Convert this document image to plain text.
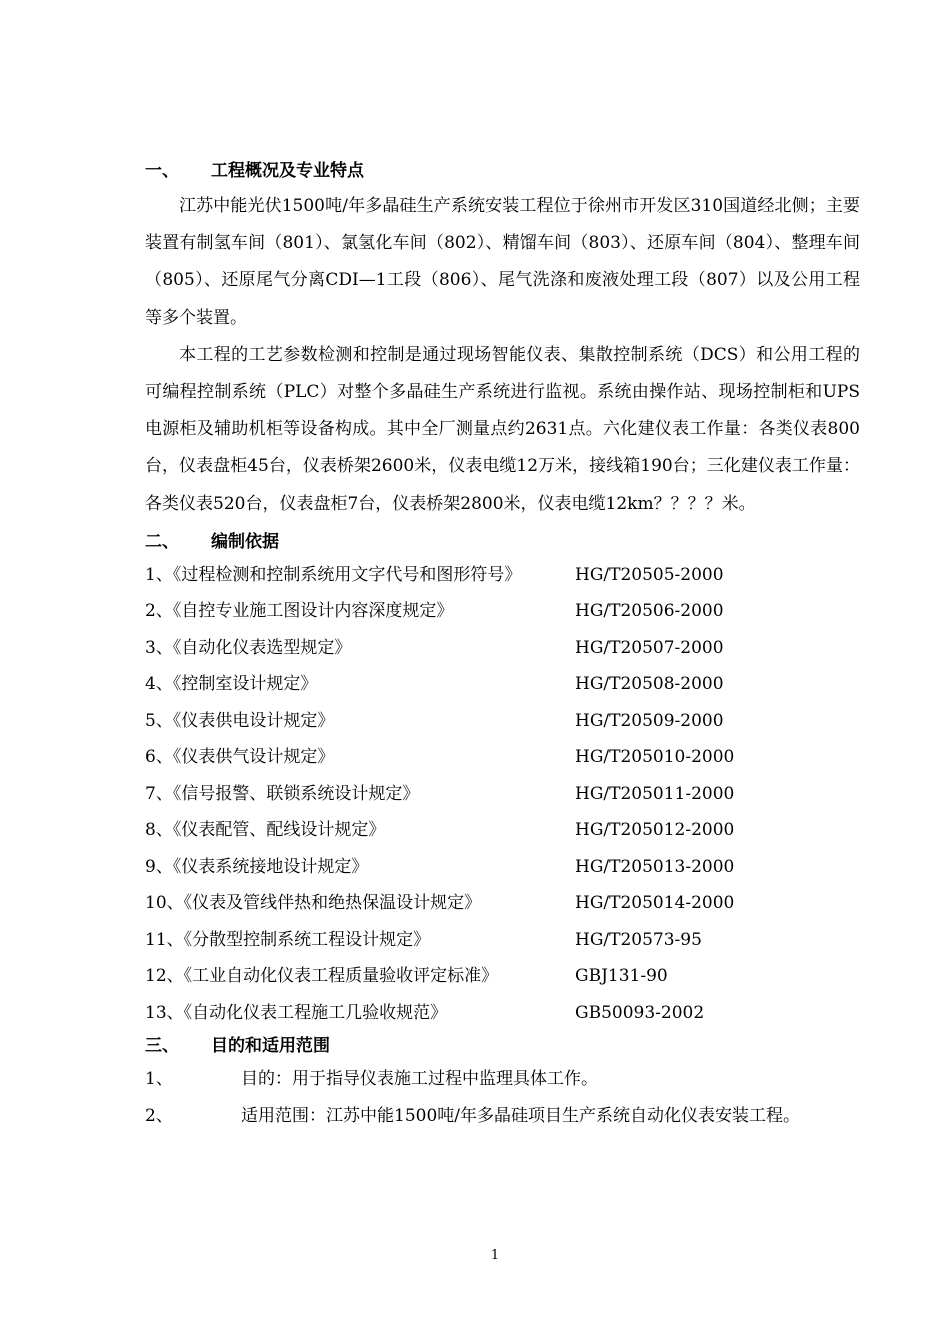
一、 工程概况及专业特点

江苏中能光伏1500吨/年多晶硅生产系统安装工程位于徐州市开发区310国道经北侧；主要装置有制氢车间（801）、氯氢化车间（802）、精馏车间（803）、还原车间（804）、整理车间（805）、还原尾气分离CDI—1工段（806）、尾气洗涤和废液处理工段（807）以及公用工程等多个装置。

本工程的工艺参数检测和控制是通过现场智能仪表、集散控制系统（DCS）和公用工程的可编程控制系统（PLC）对整个多晶硅生产系统进行监视。系统由操作站、现场控制柜和UPS电源柜及辅助机柜等设备构成。其中全厂测量点约2631点。六化建仪表工作量：各类仪表800台，仪表盘柜45台，仪表桥架2600米，仪表电缆12万米，接线箱190台；三化建仪表工作量：各类仪表520台，仪表盘柜7台，仪表桥架2800米，仪表电缆12km？？？？米。

二、 编制依据
1、《过程检测和控制系统用文字代号和图形符号》	HG/T20505-2000
2、《自控专业施工图设计内容深度规定》	HG/T20506-2000
3、《自动化仪表选型规定》	HG/T20507-2000
4、《控制室设计规定》	HG/T20508-2000
5、《仪表供电设计规定》	HG/T20509-2000
6、《仪表供气设计规定》	HG/T205010-2000
7、《信号报警、联锁系统设计规定》	HG/T205011-2000
8、《仪表配管、配线设计规定》	HG/T205012-2000
9、《仪表系统接地设计规定》	HG/T205013-2000
10、《仪表及管线伴热和绝热保温设计规定》	HG/T205014-2000
11、《分散型控制系统工程设计规定》	HG/T20573-95
12、《工业自动化仪表工程质量验收评定标准》	GBJ131-90
13、《自动化仪表工程施工几验收规范》	GB50093-2002
三、 目的和适用范围
1、	目的：用于指导仪表施工过程中监理具体工作。
2、	适用范围：江苏中能1500吨/年多晶硅项目生产系统自动化仪表安装工程。
1
